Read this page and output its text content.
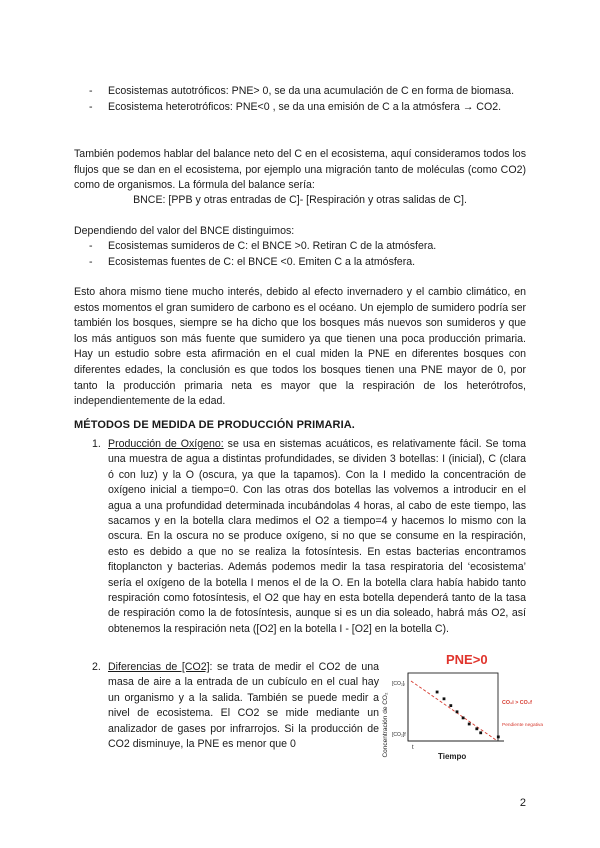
- Ecosistemas autotróficos: PNE> 0, se da una acumulación de C en forma de biomasa.
- Ecosistema heterotróficos: PNE<0 , se da una emisión de C a la atmósfera → CO2.

También podemos hablar del balance neto del C en el ecosistema, aquí consideramos todos los flujos que se dan en el ecosistema, por ejemplo una migración tanto de moléculas (como CO2) como de organismos. La fórmula del balance sería:

BNCE: [PPB y otras entradas de C]- [Respiración y otras salidas de C].

Dependiendo del valor del BNCE distinguimos:

- Ecosistemas sumideros de C: el BNCE >0. Retiran C de la atmósfera.
- Ecosistemas fuentes de C: el BNCE <0. Emiten C a la atmósfera.

Esto ahora mismo tiene mucho interés, debido al efecto invernadero y el cambio climático, en estos momentos el gran sumidero de carbono es el océano. Un ejemplo de sumidero podría ser también los bosques, siempre se ha dicho que los bosques más nuevos son sumideros y que los más antiguos son más fuente que sumidero ya que tienen una poca producción primaria. Hay un estudio sobre esta afirmación en el cual miden la PNE en diferentes bosques con diferentes edades, la conclusión es que todos los bosques tienen una PNE mayor de 0, por tanto la producción primaria neta es mayor que la respiración de los heterótrofos, independientemente de la edad.

MÉTODOS DE MEDIDA DE PRODUCCIÓN PRIMARIA.
1. Producción de Oxígeno: se usa en sistemas acuáticos, es relativamente fácil. Se toma una muestra de agua a distintas profundidades, se dividen 3 botellas: I (inicial), C (clara ó con luz) y la O (oscura, ya que la tapamos). Con la I medido la concentración de oxígeno inicial a tiempo=0. Con las otras dos botellas las volvemos a introducir en el agua a una profundidad determinada incubándolas 4 horas, al cabo de este tiempo, las sacamos y en la botella clara medimos el O2 a tiempo=4 y hacemos lo mismo con la oscura. En la oscura no se produce oxígeno, si no que se consume en la respiración, esto es debido a que no se realiza la fotosíntesis. En estas bacterias encontramos fitoplancton y bacterias. Además podemos medir la tasa respiratoria del ‘ecosistema’ sería el oxígeno de la botella I menos el de la O. En la botella clara había habido tanto respiración como fotosíntesis, el O2 que hay en esta botella dependerá tanto de la tasa de respiración como la de fotosíntesis, aunque si es un dia soleado, habrá más O2, así obtenemos la respiración neta ([O2] en la botella I - [O2] en la botella C).

2. Diferencias de [CO2]: se trata de medir el CO2 de una masa de aire a la entrada de un cubículo en el cual hay un organismo y a la salida. También se puede medir a nivel de ecosistema. El CO2 se mide mediante un analizador de gases por infrarrojos. Si la producción de CO2 disminuye, la PNE es menor que 0

PNE>0
Concentración de CO₂
[CO₂]ᵢ
[CO₂]f
t
Tiempo
CO₂i > CO₂f
Pendiente negativa
2
